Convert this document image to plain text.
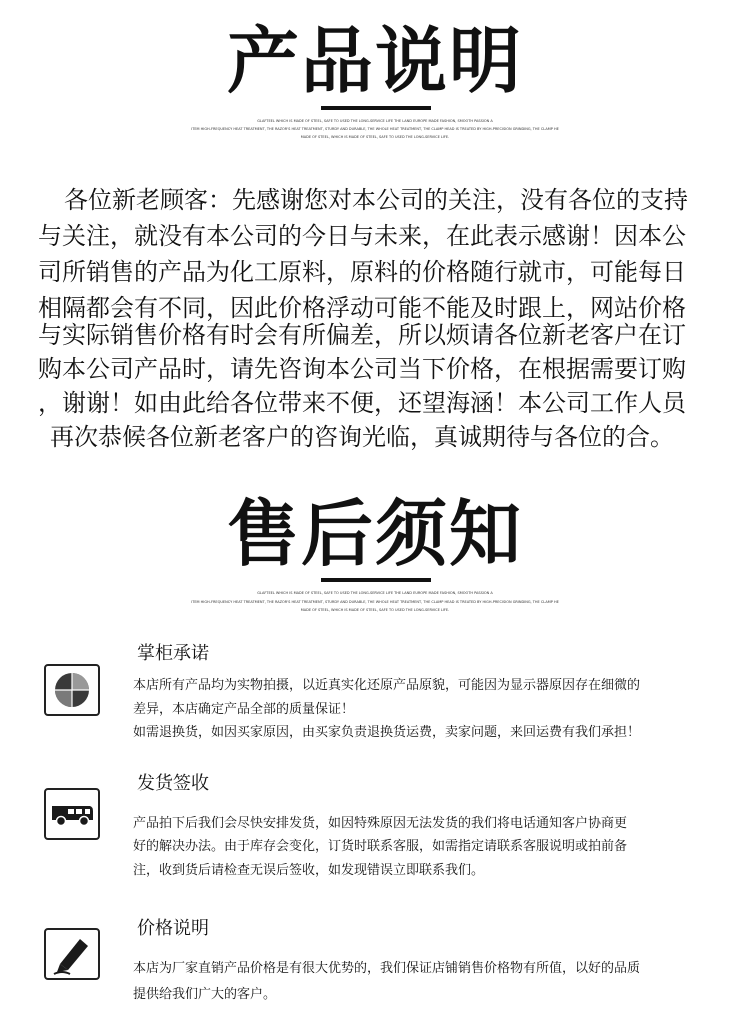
产品说明
GLAFTEEL WHICH IS MADE OF STEEL, SAFE TO USED THE LONG-SERVICE LIFE THE LAND EUROPE MADE FASHION, SMOOTH PASSION A
ITEM HIGH-FREQUENCY HEAT TREATMENT, THE RAZOR'S HEAT TREATMENT, STURDY AND DURABLE, THE WHOLE HEAT TREATMENT, THE CLAMP HEAD IS TREATED BY HIGH-PRECISION GRINDING, THE CLAMP HE
MADE OF STEEL, WHICH IS MADE OF STEEL, SAFE TO USED THE LONG-SERVICE LIFE.
各位新老顾客：先感谢您对本公司的关注，没有各位的支持
与关注，就没有本公司的今日与未来，在此表示感谢！因本公
司所销售的产品为化工原料，原料的价格随行就市，可能每日
相隔都会有不同，因此价格浮动可能不能及时跟上，网站价格
与实际销售价格有时会有所偏差，所以烦请各位新老客户在订
购本公司产品时，请先咨询本公司当下价格，在根据需要订购
，谢谢！如由此给各位带来不便，还望海涵！本公司工作人员
再次恭候各位新老客户的咨询光临，真诚期待与各位的合。
售后须知
GLAFTEEL WHICH IS MADE OF STEEL, SAFE TO USED THE LONG-SERVICE LIFE THE LAND EUROPE MADE FASHION, SMOOTH PASSION A
ITEM HIGH-FREQUENCY HEAT TREATMENT, THE RAZOR'S HEAT TREATMENT, STURDY AND DURABLE, THE WHOLE HEAT TREATMENT, THE CLAMP HEAD IS TREATED BY HIGH-PRECISION GRINDING, THE CLAMP HE
MADE OF STEEL, WHICH IS MADE OF STEEL, SAFE TO USED THE LONG-SERVICE LIFE.
掌柜承诺
本店所有产品均为实物拍摄，以近真实化还原产品原貌，可能因为显示器原因存在细微的
差异，本店确定产品全部的质量保证！
如需退换货，如因买家原因，由买家负责退换货运费，卖家问题，来回运费有我们承担！
发货签收
产品拍下后我们会尽快安排发货，如因特殊原因无法发货的我们将电话通知客户协商更
好的解决办法。由于库存会变化，订货时联系客服，如需指定请联系客服说明或拍前备
注，收到货后请检查无误后签收，如发现错误立即联系我们。
价格说明
本店为厂家直销产品价格是有很大优势的，我们保证店铺销售价格物有所值，以好的品质
提供给我们广大的客户。
